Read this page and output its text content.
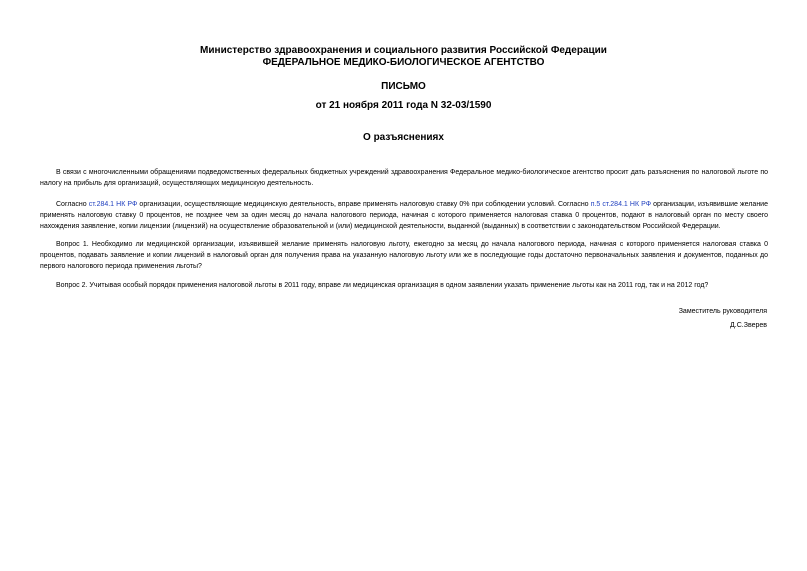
Министерство здравоохранения и социального развития Российской Федерации
ФЕДЕРАЛЬНОЕ МЕДИКО-БИОЛОГИЧЕСКОЕ АГЕНТСТВО
ПИСЬМО
от 21 ноября 2011 года N 32-03/1590
О разъяснениях

В связи с многочисленными обращениями подведомственных федеральных бюджетных учреждений здравоохранения Федеральное медико-биологическое агентство просит дать разъяснения по налоговой льготе по налогу на прибыль для организаций, осуществляющих медицинскую деятельность.

Согласно ст.284.1 НК РФ организации, осуществляющие медицинскую деятельность, вправе применять налоговую ставку 0% при соблюдении условий. Согласно п.5 ст.284.1 НК РФ организации, изъявившие желание применять налоговую ставку 0 процентов, не позднее чем за один месяц до начала налогового периода, начиная с которого применяется налоговая ставка 0 процентов, подают в налоговый орган по месту своего нахождения заявление, копии лицензии (лицензий) на осуществление образовательной и (или) медицинской деятельности, выданной (выданных) в соответствии с законодательством Российской Федерации.

Вопрос 1. Необходимо ли медицинской организации, изъявившей желание применять налоговую льготу, ежегодно за месяц до начала налогового периода, начиная с которого применяется налоговая ставка 0 процентов, подавать заявление и копии лицензий в налоговый орган для получения права на указанную налоговую льготу или же в последующие годы достаточно первоначальных заявления и документов, поданных до первого налогового периода применения льготы?

Вопрос 2. Учитывая особый порядок применения налоговой льготы в 2011 году, вправе ли медицинская организация в одном заявлении указать применение льготы как на 2011 год, так и на 2012 год?

Заместитель руководителя
Д.С.Зверев
